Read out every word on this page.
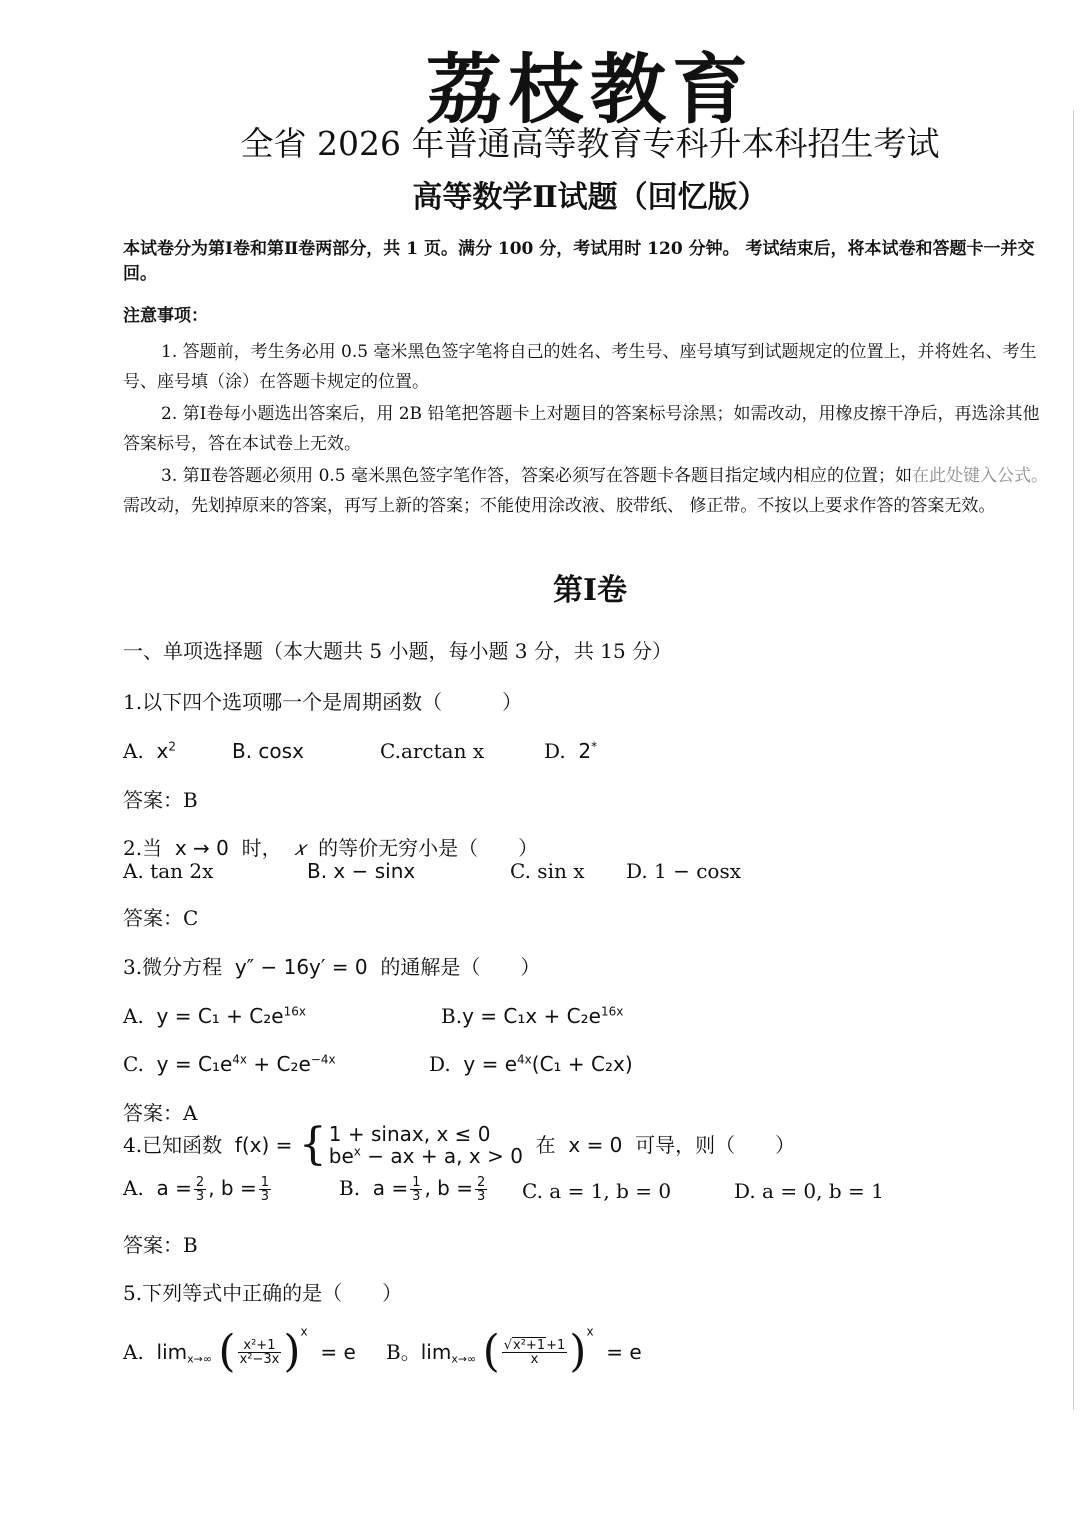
荔枝教育
全省 2026 年普通高等教育专科升本科招生考试
高等数学Ⅱ试题（回忆版）
本试卷分为第Ⅰ卷和第Ⅱ卷两部分，共 1 页。满分 100 分，考试用时 120 分钟。 考试结束后，将本试卷和答题卡一并交回。
注意事项：
1. 答题前，考生务必用 0.5 毫米黑色签字笔将自己的姓名、考生号、座号填写到试题规定的位置上，并将姓名、考生号、座号填（涂）在答题卡规定的位置。
2. 第Ⅰ卷每小题选出答案后，用 2B 铅笔把答题卡上对题目的答案标号涂黑；如需改动，用橡皮擦干净后，再选涂其他答案标号，答在本试卷上无效。
3. 第Ⅱ卷答题必须用 0.5 毫米黑色签字笔作答，答案必须写在答题卡各题目指定域内相应的位置；如在此处键入公式。需改动，先划掉原来的答案，再写上新的答案；不能使用涂改液、胶带纸、 修正带。不按以上要求作答的答案无效。
第Ⅰ卷
一、单项选择题（本大题共 5 小题，每小题 3 分，共 15 分）
1.以下四个选项哪一个是周期函数（　　　）
A. $x^2$	B. cosx	C.arctan x	D. 2*
答案：B
2.当 x → 0 时， 𝑥 的等价无穷小是（　　）
A. tan 2x	B. x − sinx	C. sin x D. 1 − cosx
答案：C
3.微分方程 y″ − 16y′ = 0 的通解是（　　）
A. $y = C_1 + C_2e^{16x}$	$B.y = C_1x + C_2e^{16x}$
C. $y = C_1e^{4x} + C_2e^{-4x}$	D. $y = e^{4x}(C_1 + C_2x)$
答案：A
4.已知函数 f(x) = { 1 + sinax, x ≤ 0
$be^x$ − ax + a, x > 0 在 x = 0 可导，则（　　）
A. $a = \frac{2}{3}$ , $b = \frac{1}{3}$	B. $a = \frac{1}{3}$ , $b = \frac{2}{3} C$. a = 1, b = 0	D. a = 0, b = 1
答案：B
5.下列等式中正确的是（　　）
A. $\lim_{x\to\infty}$ ( $\frac{\text{x²+1}}{\text{x²−3x}} )^x = e$ B。$\lim_{x\to\infty}$ ( $\frac{\text{√x²+1+1}}{x} )^x = e$
